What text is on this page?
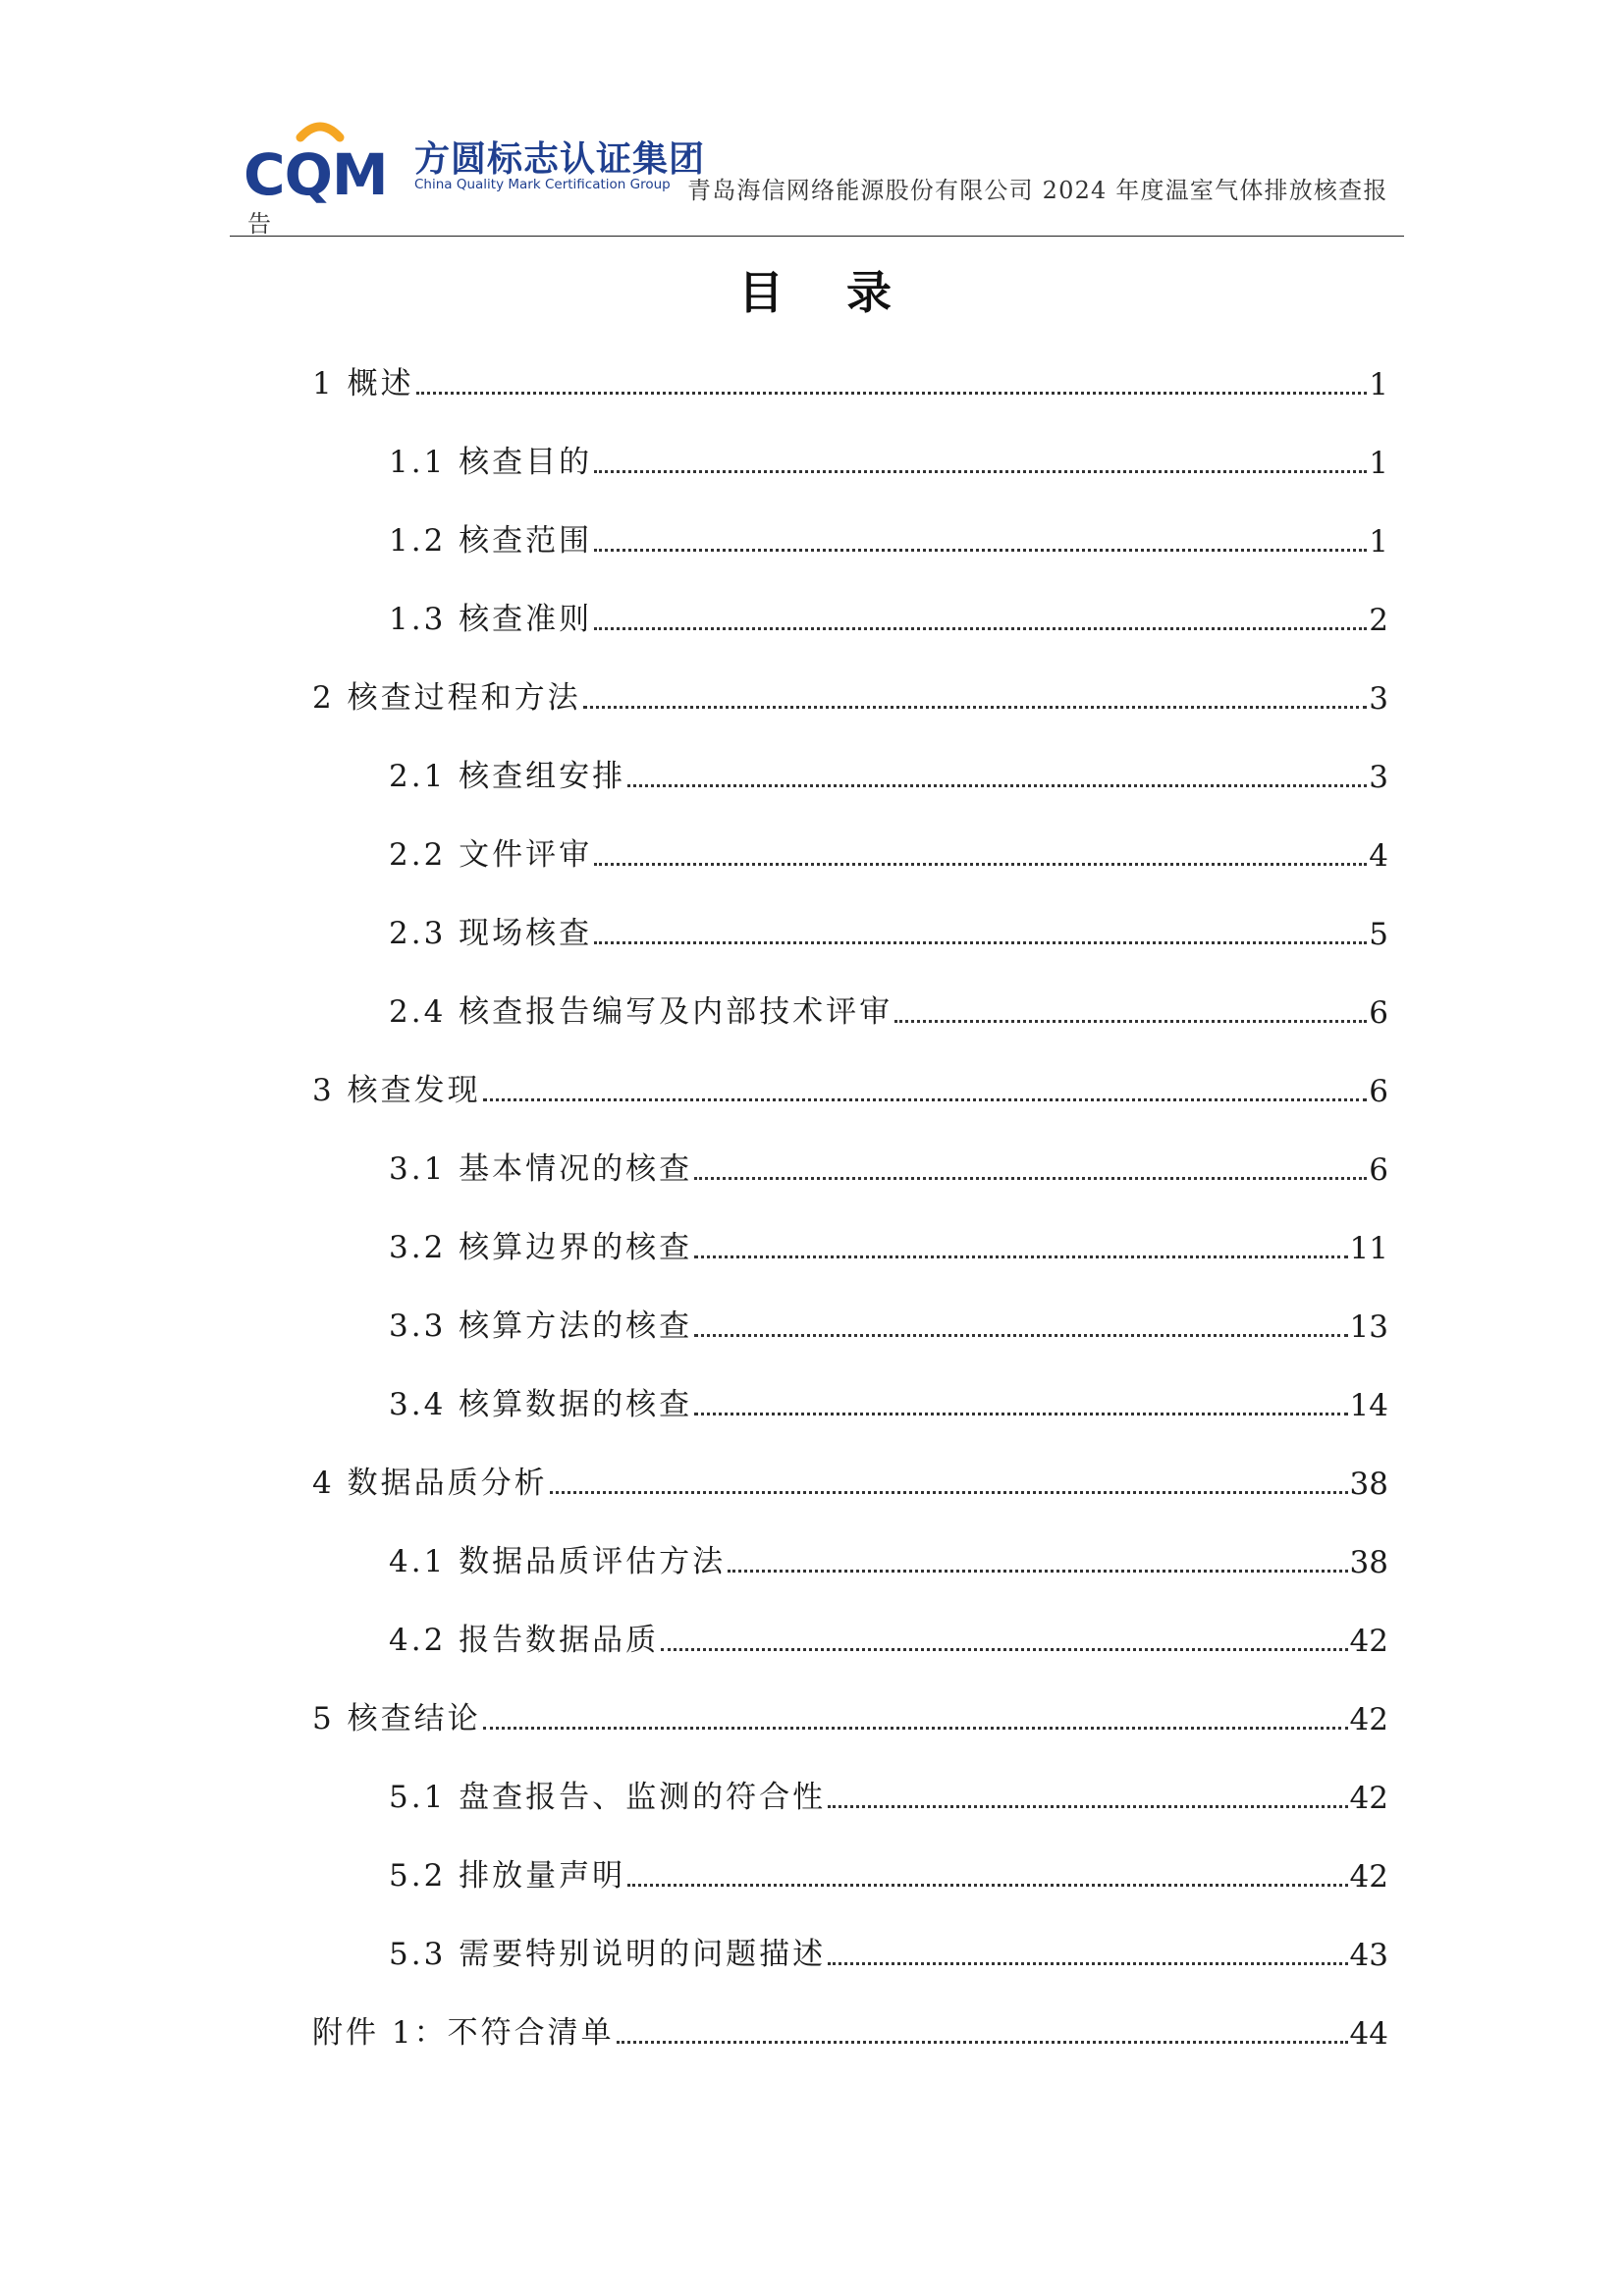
CQM 方圆标志认证集团
China Quality Mark Certification Group 青岛海信网络能源股份有限公司 2024 年度温室气体排放核查报
告
目 录
1 概述	1
1.1 核查目的	1
1.2 核查范围	1
1.3 核查准则	2
2 核查过程和方法	3
2.1 核查组安排	3
2.2 文件评审	4
2.3 现场核查	5
2.4 核查报告编写及内部技术评审	6
3 核查发现	6
3.1 基本情况的核查	6
3.2 核算边界的核查	11
3.3 核算方法的核查	13
3.4 核算数据的核查	14
4 数据品质分析	38
4.1 数据品质评估方法	38
4.2 报告数据品质	42
5 核查结论	42
5.1 盘查报告、监测的符合性	42
5.2 排放量声明	42
5.3 需要特别说明的问题描述	43
附件 1：不符合清单	44
